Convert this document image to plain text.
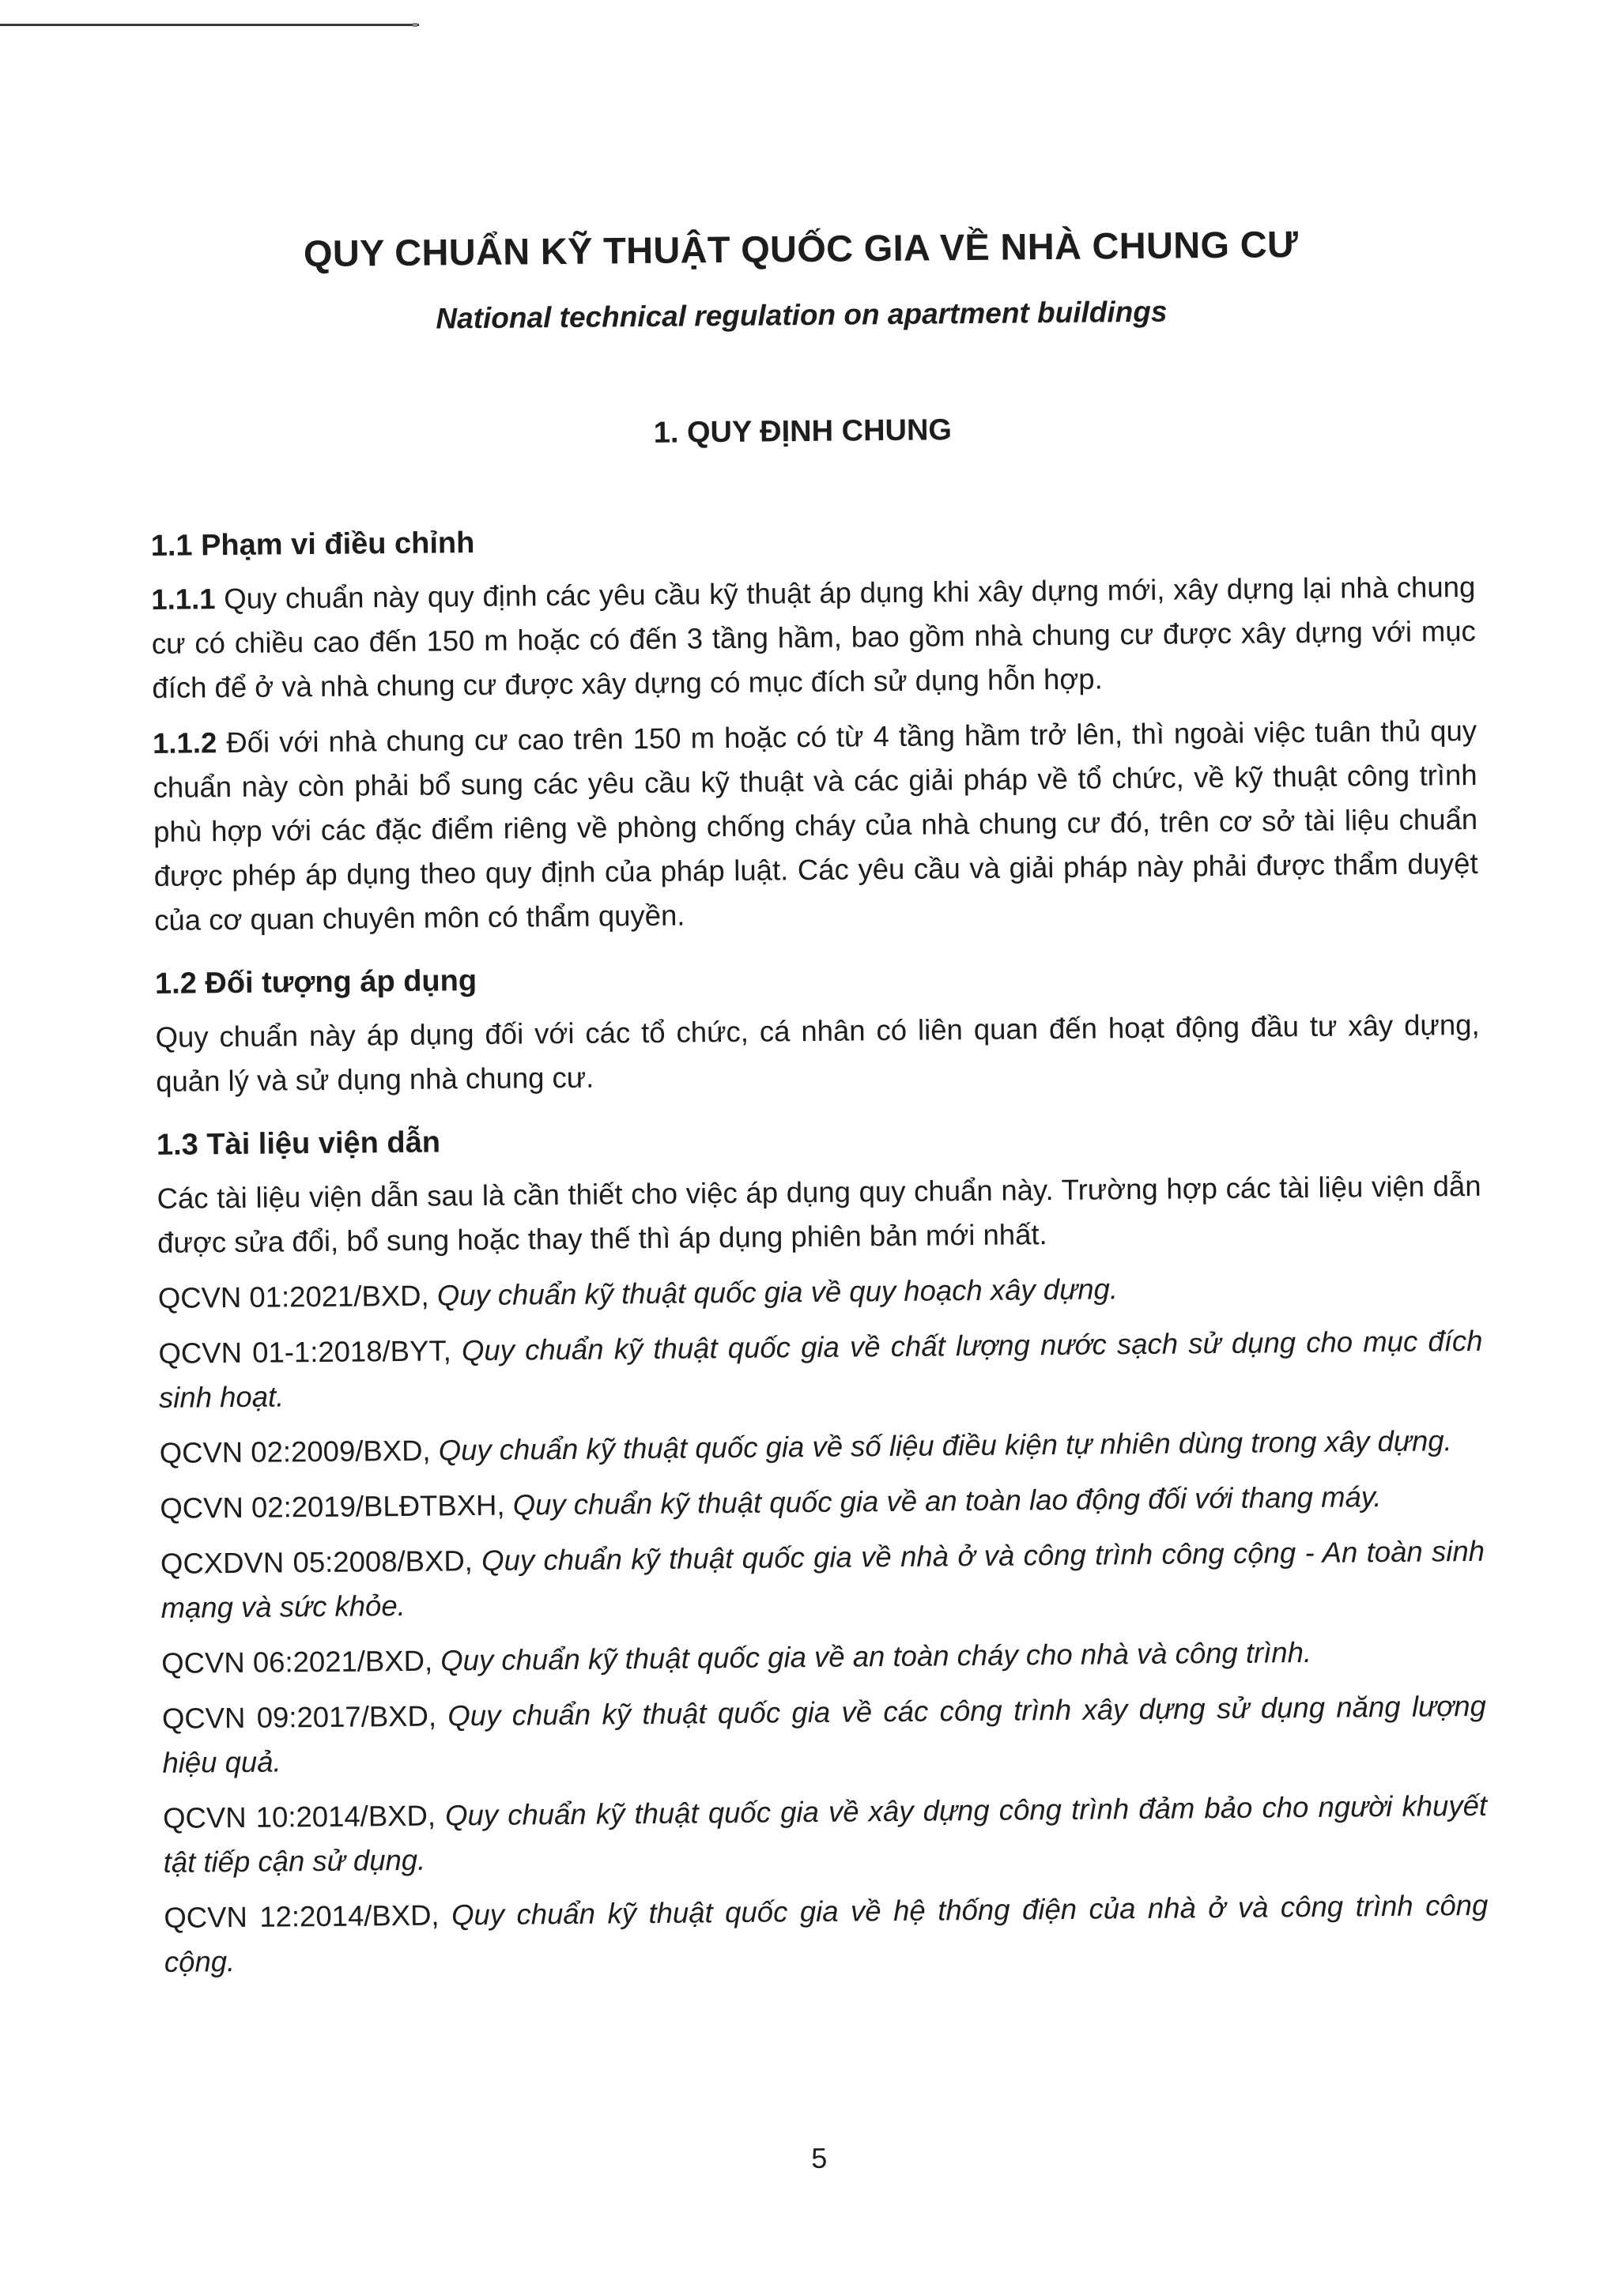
QUY CHUẨN KỸ THUẬT QUỐC GIA VỀ NHÀ CHUNG CƯ
National technical regulation on apartment buildings
1. QUY ĐỊNH CHUNG
1.1 Phạm vi điều chỉnh

1.1.1 Quy chuẩn này quy định các yêu cầu kỹ thuật áp dụng khi xây dựng mới, xây dựng lại nhà chung cư có chiều cao đến 150 m hoặc có đến 3 tầng hầm, bao gồm nhà chung cư được xây dựng với mục đích để ở và nhà chung cư được xây dựng có mục đích sử dụng hỗn hợp.

1.1.2 Đối với nhà chung cư cao trên 150 m hoặc có từ 4 tầng hầm trở lên, thì ngoài việc tuân thủ quy chuẩn này còn phải bổ sung các yêu cầu kỹ thuật và các giải pháp về tổ chức, về kỹ thuật công trình phù hợp với các đặc điểm riêng về phòng chống cháy của nhà chung cư đó, trên cơ sở tài liệu chuẩn được phép áp dụng theo quy định của pháp luật. Các yêu cầu và giải pháp này phải được thẩm duyệt của cơ quan chuyên môn có thẩm quyền.

1.2 Đối tượng áp dụng

Quy chuẩn này áp dụng đối với các tổ chức, cá nhân có liên quan đến hoạt động đầu tư xây dựng, quản lý và sử dụng nhà chung cư.

1.3 Tài liệu viện dẫn

Các tài liệu viện dẫn sau là cần thiết cho việc áp dụng quy chuẩn này. Trường hợp các tài liệu viện dẫn được sửa đổi, bổ sung hoặc thay thế thì áp dụng phiên bản mới nhất.

QCVN 01:2021/BXD, Quy chuẩn kỹ thuật quốc gia về quy hoạch xây dựng.

QCVN 01-1:2018/BYT, Quy chuẩn kỹ thuật quốc gia về chất lượng nước sạch sử dụng cho mục đích sinh hoạt.

QCVN 02:2009/BXD, Quy chuẩn kỹ thuật quốc gia về số liệu điều kiện tự nhiên dùng trong xây dựng.

QCVN 02:2019/BLĐTBXH, Quy chuẩn kỹ thuật quốc gia về an toàn lao động đối với thang máy.

QCXDVN 05:2008/BXD, Quy chuẩn kỹ thuật quốc gia về nhà ở và công trình công cộng - An toàn sinh mạng và sức khỏe.

QCVN 06:2021/BXD, Quy chuẩn kỹ thuật quốc gia về an toàn cháy cho nhà và công trình.

QCVN 09:2017/BXD, Quy chuẩn kỹ thuật quốc gia về các công trình xây dựng sử dụng năng lượng hiệu quả.

QCVN 10:2014/BXD, Quy chuẩn kỹ thuật quốc gia về xây dựng công trình đảm bảo cho người khuyết tật tiếp cận sử dụng.

QCVN 12:2014/BXD, Quy chuẩn kỹ thuật quốc gia về hệ thống điện của nhà ở và công trình công cộng.

5
